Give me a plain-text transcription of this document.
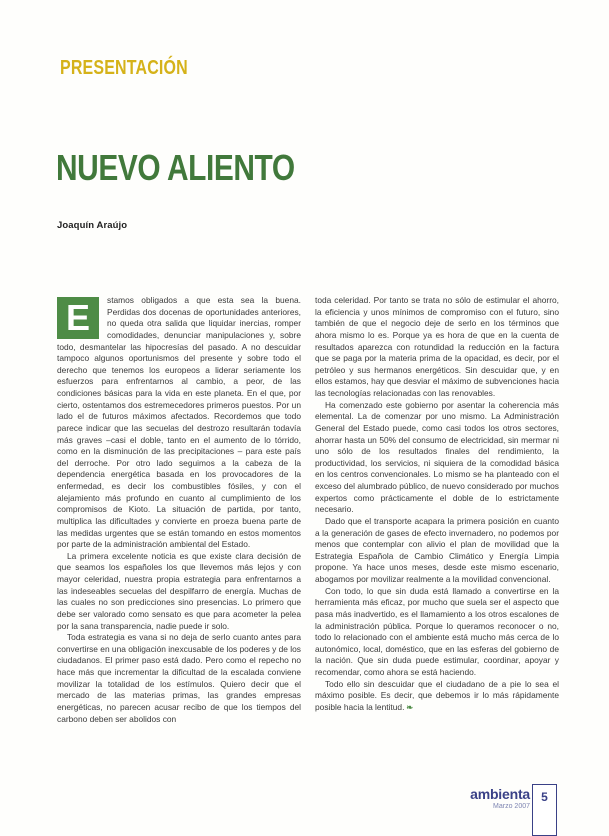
PRESENTACIÓN
NUEVO ALIENTO
Joaquín Araújo

E	stamos obligados a que esta sea la buena. Perdidas dos docenas de oportunidades anteriores, no queda otra salida que liquidar inercias, romper comodidades, denunciar manipulaciones y, sobre todo, desmantelar las hipocresías del pasado. A no descuidar tampoco algunos oportunismos del presente y sobre todo el derecho que tenemos los europeos a liderar seriamente los esfuerzos para enfrentarnos al cambio, a peor, de las condiciones básicas para la vida en este planeta. En el que, por cierto, ostentamos dos estremecedores primeros puestos. Por un lado el de futuros máximos afectados. Recordemos que todo parece indicar que las secuelas del destrozo resultarán todavía más graves –casi el doble, tanto en el aumento de lo tórrido, como en la disminución de las precipitaciones – para este país del derroche. Por otro lado seguimos a la cabeza de la dependencia energética basada en los provocadores de la enfermedad, es decir los combustibles fósiles, y con el alejamiento más profundo en cuanto al cumplimiento de los compromisos de Kioto. La situación de partida, por tanto, multiplica las dificultades y convierte en proeza buena parte de las medidas urgentes que se están tomando en estos momentos por parte de la administración ambiental del Estado.

La primera excelente noticia es que existe clara decisión de que seamos los españoles los que llevemos más lejos y con mayor celeridad, nuestra propia estrategia para enfrentarnos a las indeseables secuelas del despilfarro de energía. Muchas de las cuales no son predicciones sino presencias. Lo primero que debe ser valorado como sensato es que para acometer la pelea por la sana transparencia, nadie puede ir solo.

Toda estrategia es vana si no deja de serlo cuanto antes para convertirse en una obligación inexcusable de los poderes y de los ciudadanos. El primer paso está dado. Pero como el repecho no hace más que incrementar la dificultad de la escalada conviene movilizar la totalidad de los estímulos. Quiero decir que el mercado de las materias primas, las grandes empresas energéticas, no parecen acusar recibo de que los tiempos del carbono deben ser abolidos con

toda celeridad. Por tanto se trata no sólo de estimular el ahorro, la eficiencia y unos mínimos de compromiso con el futuro, sino también de que el negocio deje de serlo en los términos que ahora mismo lo es. Porque ya es hora de que en la cuenta de resultados aparezca con rotundidad la reducción en la factura que se paga por la materia prima de la opacidad, es decir, por el petróleo y sus hermanos energéticos. Sin descuidar que, y en ellos estamos, hay que desviar el máximo de subvenciones hacia las tecnologías relacionadas con las renovables.

Ha comenzado este gobierno por asentar la coherencia más elemental. La de comenzar por uno mismo. La Administración General del Estado puede, como casi todos los otros sectores, ahorrar hasta un 50% del consumo de electricidad, sin mermar ni uno sólo de los resultados finales del rendimiento, la productividad, los servicios, ni siquiera de la comodidad básica en los centros convencionales. Lo mismo se ha planteado con el exceso del alumbrado público, de nuevo considerado por muchos expertos como prácticamente el doble de lo estrictamente necesario.

Dado que el transporte acapara la primera posición en cuanto a la generación de gases de efecto invernadero, no podemos por menos que contemplar con alivio el plan de movilidad que la Estrategia Española de Cambio Climático y Energía Limpia propone. Ya hace unos meses, desde este mismo escenario, abogamos por movilizar realmente a la movilidad convencional.

Con todo, lo que sin duda está llamado a convertirse en la herramienta más eficaz, por mucho que suela ser el aspecto que pasa más inadvertido, es el llamamiento a los otros escalones de la administración pública. Porque lo queramos reconocer o no, todo lo relacionado con el ambiente está mucho más cerca de lo autonómico, local, doméstico, que en las esferas del gobierno de la nación. Que sin duda puede estimular, coordinar, apoyar y recomendar, como ahora se está haciendo.

Todo ello sin descuidar que el ciudadano de a pie lo sea el máximo posible. Es decir, que debemos ir lo más rápidamente posible hacia la lentitud. ❧

ambienta
Marzo 2007
5
